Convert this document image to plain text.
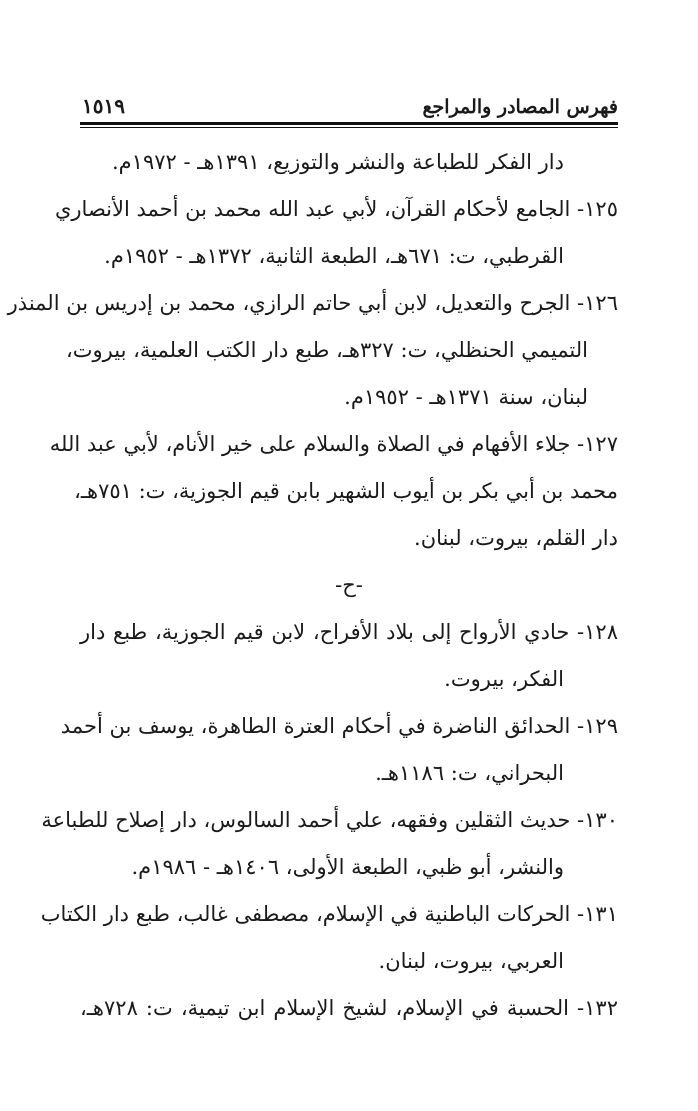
فهرس المصادر والمراجع
١٥١٩
دار الفكر للطباعة والنشر والتوزيع، ١٣٩١هـ - ١٩٧٢م.
١٢٥- الجامع لأحكام القرآن، لأبي عبد الله محمد بن أحمد الأنصاري
القرطبي، ت: ٦٧١هـ، الطبعة الثانية، ١٣٧٢هـ - ١٩٥٢م.
١٢٦- الجرح والتعديل، لابن أبي حاتم الرازي، محمد بن إدريس بن المنذر
التميمي الحنظلي، ت: ٣٢٧هـ، طبع دار الكتب العلمية، بيروت،
لبنان، سنة ١٣٧١هـ - ١٩٥٢م.
١٢٧- جلاء الأفهام في الصلاة والسلام على خير الأنام، لأبي عبد الله
محمد بن أبي بكر بن أيوب الشهير بابن قيم الجوزية، ت: ٧٥١هـ،
دار القلم، بيروت، لبنان.
-ح-
١٢٨- حادي الأرواح إلى بلاد الأفراح، لابن قيم الجوزية، طبع دار
الفكر، بيروت.
١٢٩- الحدائق الناضرة في أحكام العترة الطاهرة، يوسف بن أحمد
البحراني، ت: ١١٨٦هـ.
١٣٠- حديث الثقلين وفقهه، علي أحمد السالوس، دار إصلاح للطباعة
والنشر، أبو ظبي، الطبعة الأولى، ١٤٠٦هـ - ١٩٨٦م.
١٣١- الحركات الباطنية في الإسلام، مصطفى غالب، طبع دار الكتاب
العربي، بيروت، لبنان.
١٣٢- الحسبة في الإسلام، لشيخ الإسلام ابن تيمية، ت: ٧٢٨هـ،
